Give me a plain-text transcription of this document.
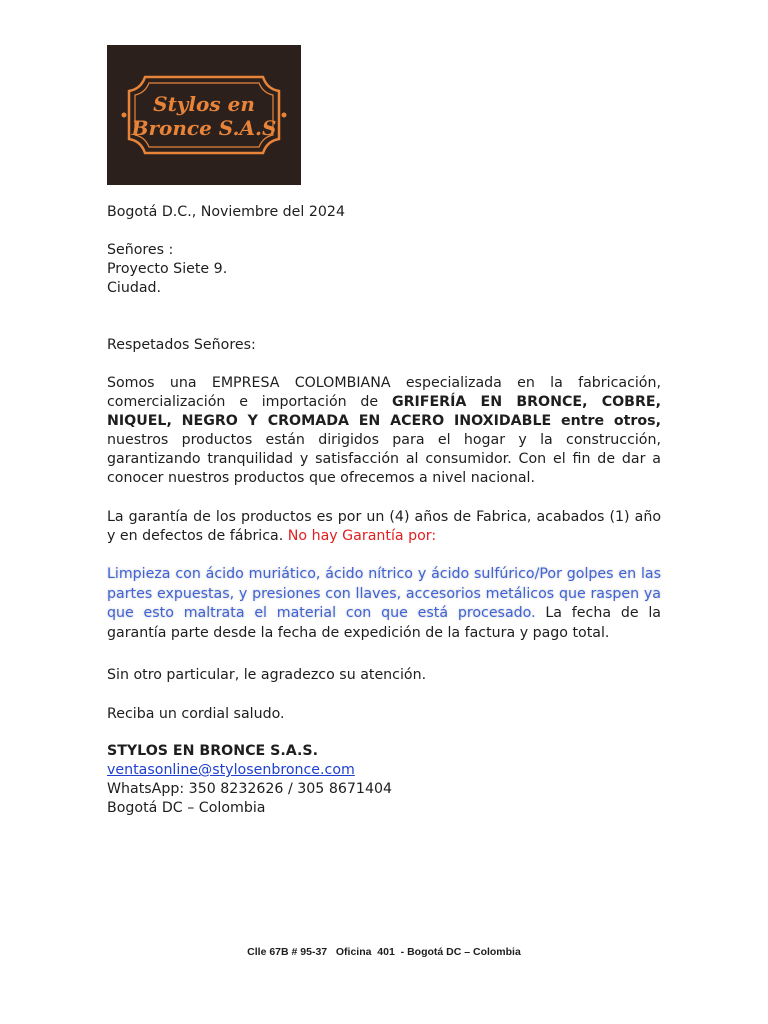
Stylos en
Bronce S.A.S
Bogotá D.C., Noviembre del 2024

Señores :

Proyecto Siete 9.

Ciudad.

Respetados Señores:
Somos una EMPRESA COLOMBIANA especializada en la fabricación, comercialización e importación de GRIFERÍA EN BRONCE, COBRE, NIQUEL, NEGRO Y CROMADA EN ACERO INOXIDABLE entre otros, nuestros productos están dirigidos para el hogar y la construcción, garantizando tranquilidad y satisfacción al consumidor. Con el fin de dar a conocer nuestros productos que ofrecemos a nivel nacional.
La garantía de los productos es por un (4) años de Fabrica, acabados (1) año y en defectos de fábrica. No hay Garantía por:
Limpieza con ácido muriático, ácido nítrico y ácido sulfúrico/Por golpes en las partes expuestas, y presiones con llaves, accesorios metálicos que raspen ya que esto maltrata el material con que está procesado. La fecha de la garantía parte desde la fecha de expedición de la factura y pago total.
Sin otro particular, le agradezco su atención.
Reciba un cordial saludo.

STYLOS EN BRONCE S.A.S.

ventasonline@stylosenbronce.com

WhatsApp: 350 8232626 / 305 8671404

Bogotá DC – Colombia

Clle 67B # 95-37   Oficina  401  - Bogotá DC – Colombia
